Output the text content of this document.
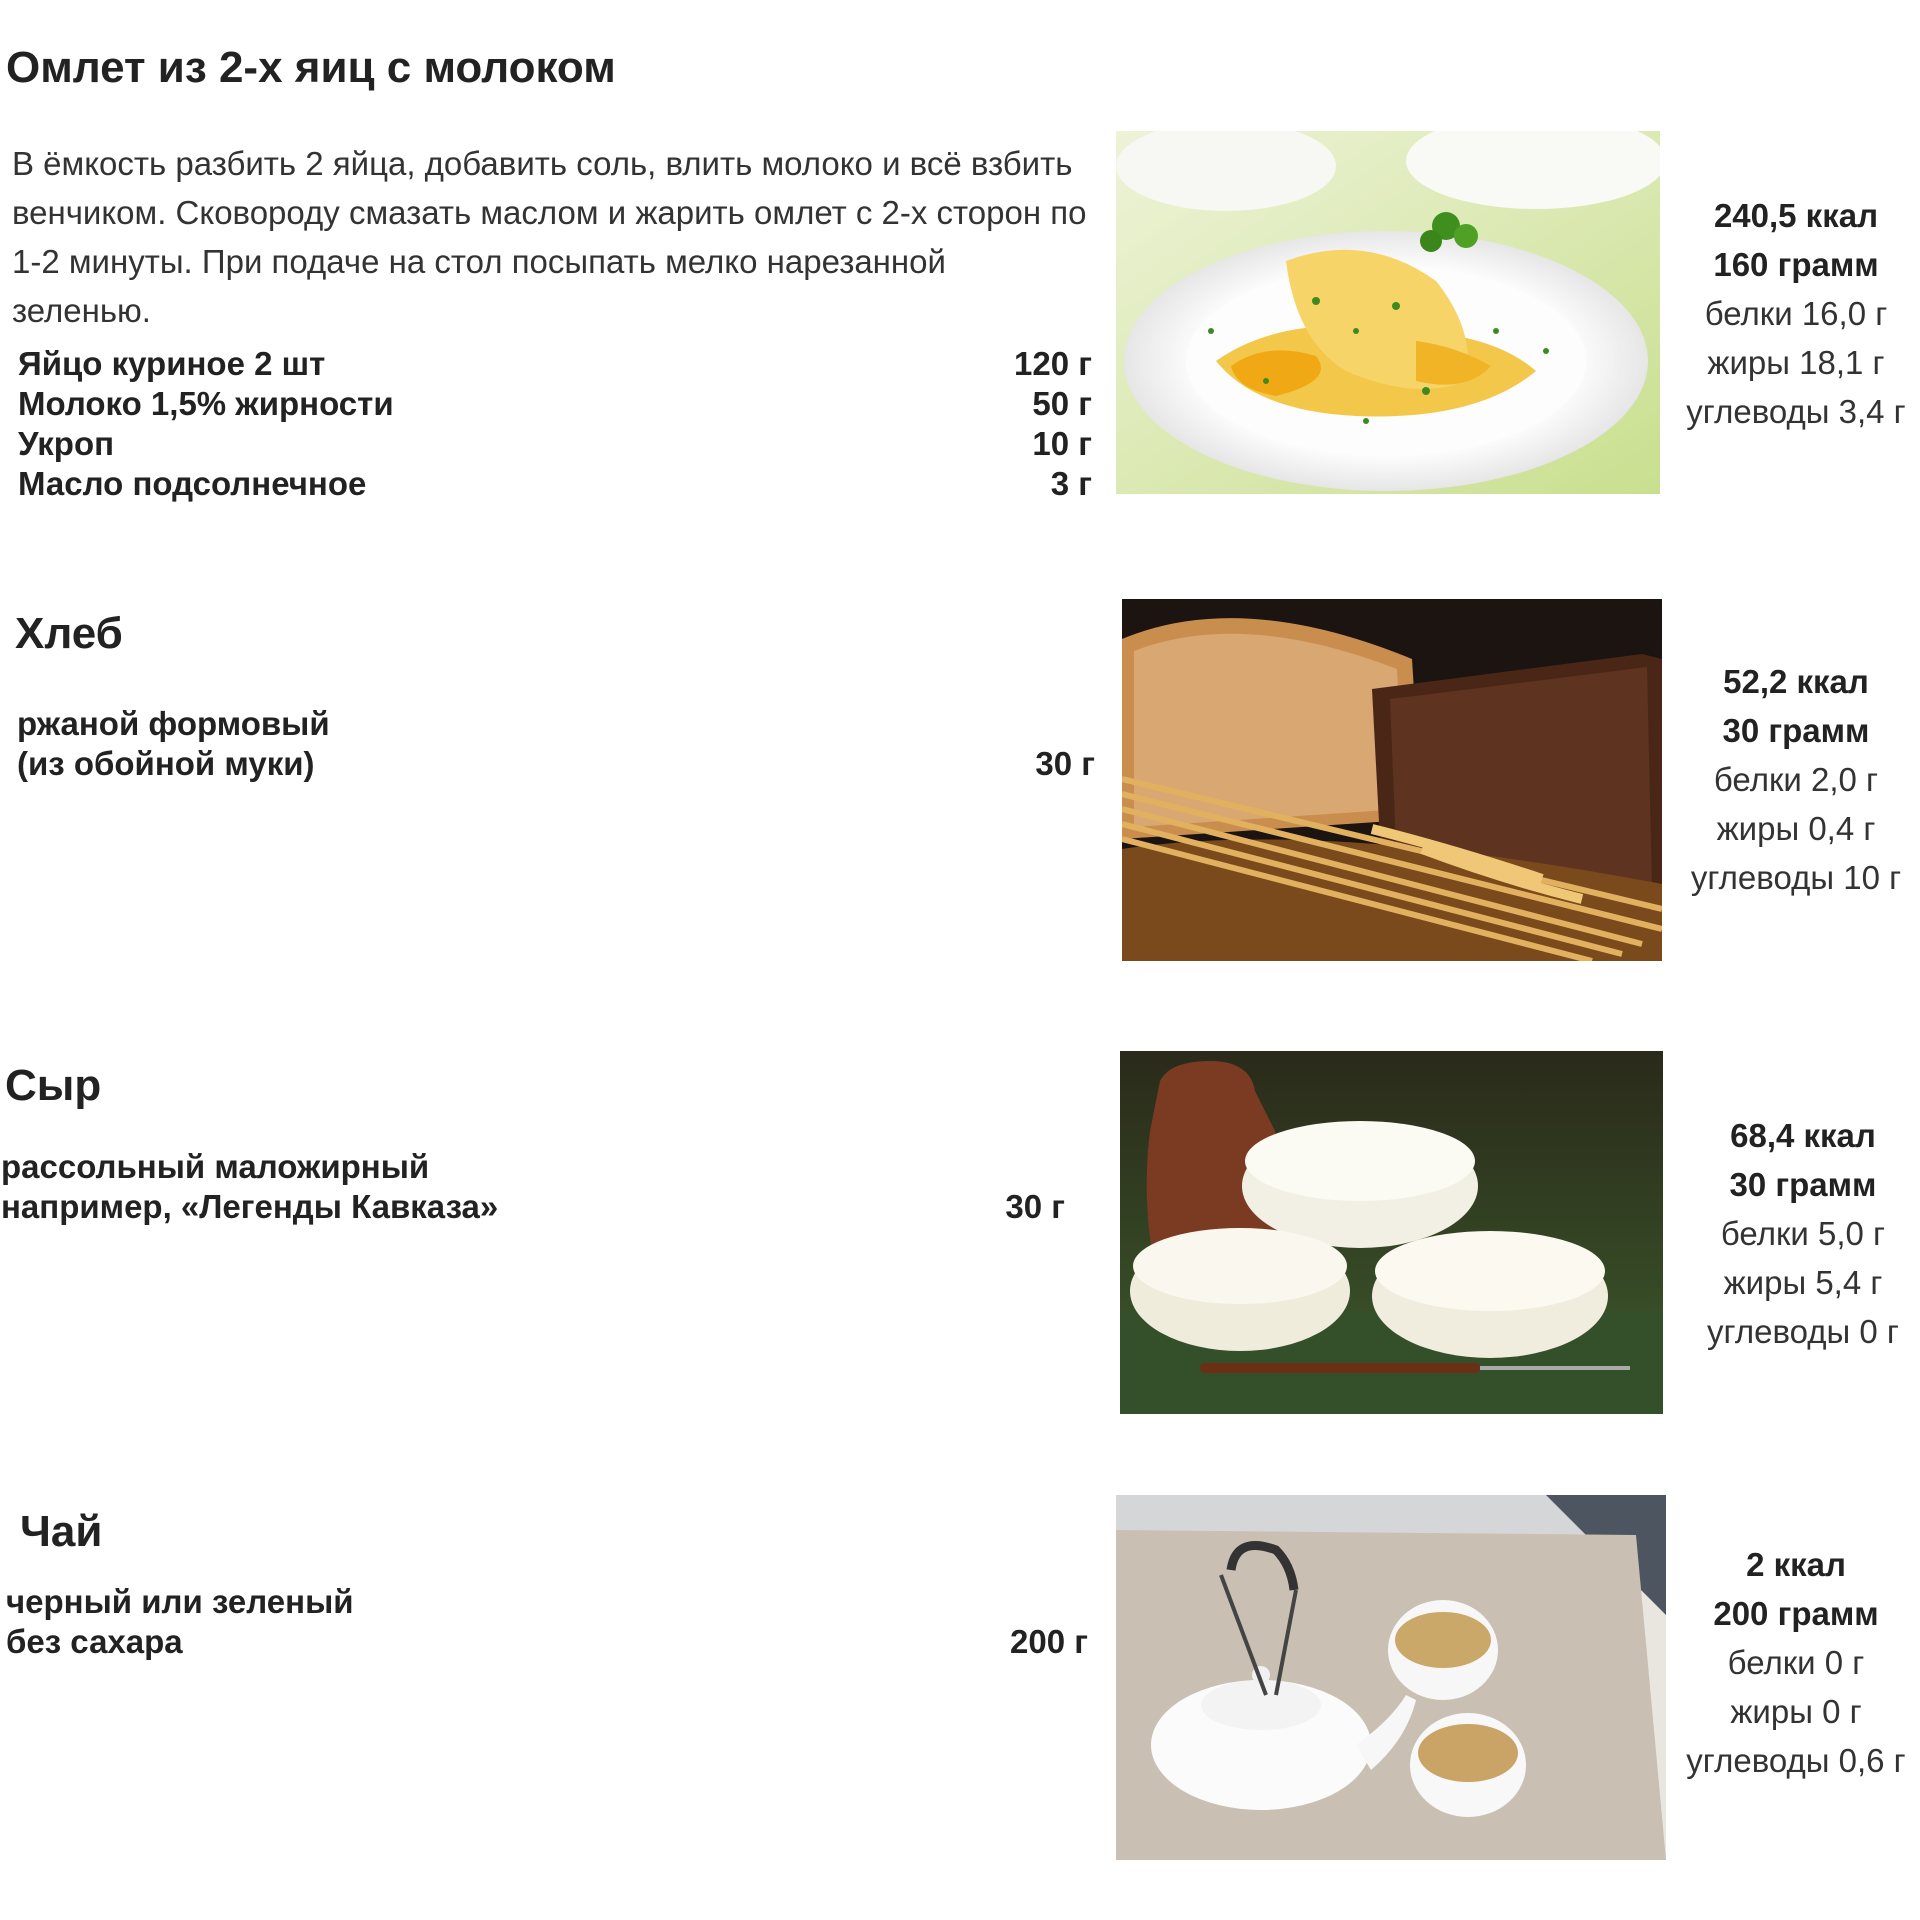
Омлет из 2-х яиц с молоком
В ёмкость разбить 2 яйца, добавить соль, влить молоко и всё взбить венчиком. Сковороду смазать маслом и жарить омлет с 2-х сторон по 1-2 минуты. При подаче на стол посыпать мелко нарезанной зеленью.
Яйцо куриное 2 шт	120 г
Молоко 1,5% жирности	50 г
Укроп	10 г
Масло подсолнечное	3 г
240,5 ккал
160 грамм
белки 16,0 г
жиры 18,1 г
углеводы 3,4 г
Хлеб
ржаной формовый
(из обойной муки)	30 г
52,2 ккал
30 грамм
белки 2,0 г
жиры 0,4 г
углеводы 10 г
Сыр
рассольный маложирный
например, «Легенды Кавказа»	30 г
68,4 ккал
30 грамм
белки 5,0 г
жиры 5,4 г
углеводы 0 г
Чай
черный или зеленый
без сахара	200 г
2 ккал
200 грамм
белки 0 г
жиры 0 г
углеводы 0,6 г
